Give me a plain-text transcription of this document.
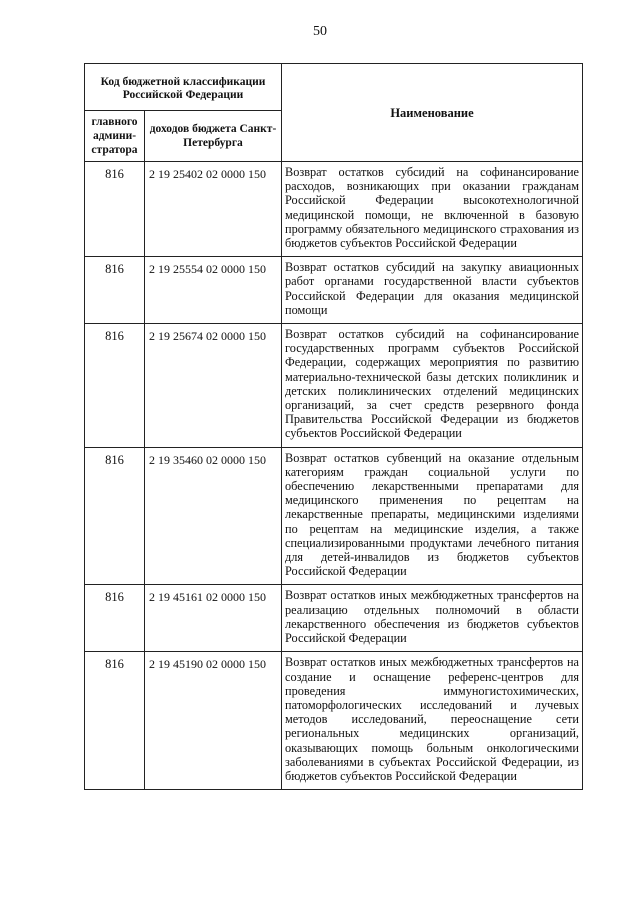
50
Код бюджетной классификации Российской Федерации		Наименование
главного админи-стратора	доходов бюджета Санкт-Петербурга	
816	2 19 25402 02 0000 150	Возврат остатков субсидий на софинансирование расходов, возникающих при оказании гражданам Российской Федерации высокотехнологичной медицинской помощи, не включенной в базовую программу обязательного медицинского страхования из бюджетов субъектов Российской Федерации
816	2 19 25554 02 0000 150	Возврат остатков субсидий на закупку авиационных работ органами государственной власти субъектов Российской Федерации для оказания медицинской помощи
816	2 19 25674 02 0000 150	Возврат остатков субсидий на софинансирование государственных программ субъектов Российской Федерации, содержащих мероприятия по развитию материально-технической базы детских поликлиник и детских поликлинических отделений медицинских организаций, за счет средств резервного фонда Правительства Российской Федерации из бюджетов субъектов Российской Федерации
816	2 19 35460 02 0000 150	Возврат остатков субвенций на оказание отдельным категориям граждан социальной услуги по обеспечению лекарственными препаратами для медицинского применения по рецептам на лекарственные препараты, медицинскими изделиями по рецептам на медицинские изделия, а также специализированными продуктами лечебного питания для детей-инвалидов из бюджетов субъектов Российской Федерации
816	2 19 45161 02 0000 150	Возврат остатков иных межбюджетных трансфертов на реализацию отдельных полномочий в области лекарственного обеспечения из бюджетов субъектов Российской Федерации
816	2 19 45190 02 0000 150	Возврат остатков иных межбюджетных трансфертов на создание и оснащение референс-центров для проведения иммуногистохимических, патоморфологических исследований и лучевых методов исследований, переоснащение сети региональных медицинских организаций, оказывающих помощь больным онкологическими заболеваниями в субъектах Российской Федерации, из бюджетов субъектов Российской Федерации
